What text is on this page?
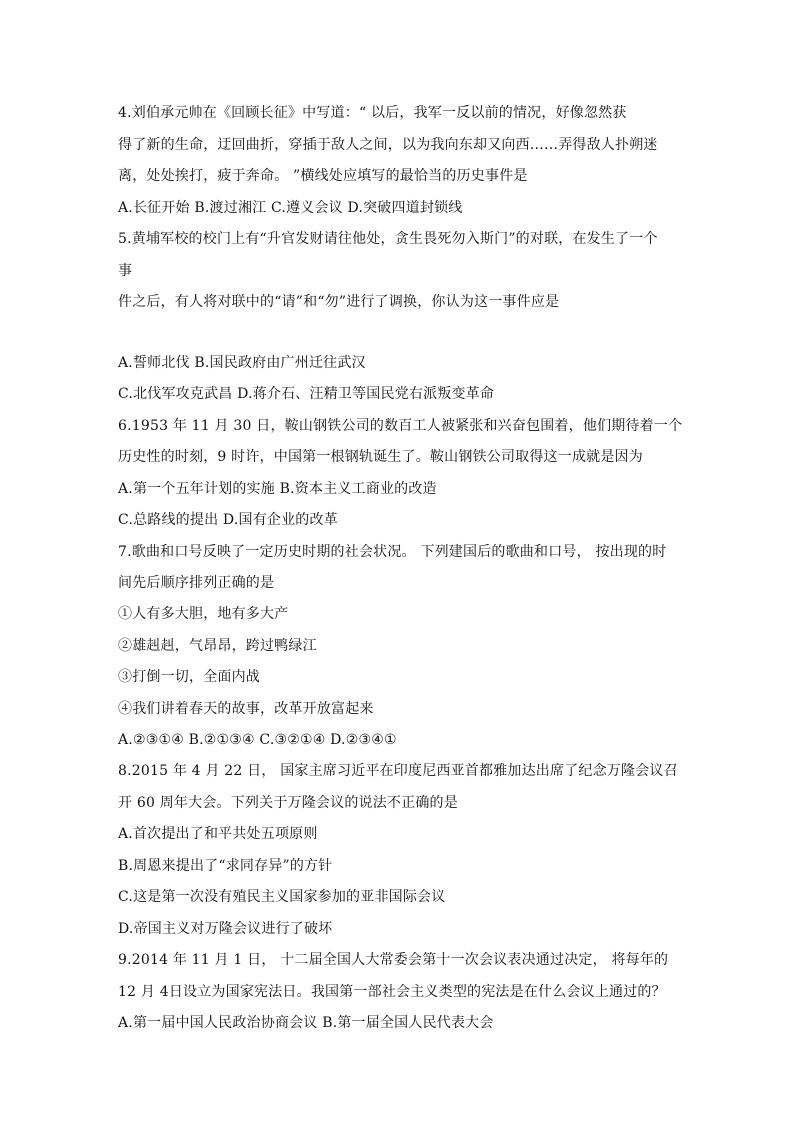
4.刘伯承元帅在《回顾长征》中写道：“ 以后，我军一反以前的情况，好像忽然获
得了新的生命，迂回曲折，穿插于敌人之间，以为我向东却又向西……弄得敌人扑朔迷
离，处处挨打，疲于奔命。 ”横线处应填写的最恰当的历史事件是
A.长征开始 B.渡过湘江 C.遵义会议 D.突破四道封锁线
5.黄埔军校的校门上有“升官发财请往他处，贪生畏死勿入斯门”的对联，在发生了一个
事
件之后，有人将对联中的“请”和“勿”进行了调换，你认为这一事件应是
A.誓师北伐 B.国民政府由广州迁往武汉
C.北伐军攻克武昌 D.蒋介石、汪精卫等国民党右派叛变革命
6.1953 年 11 月 30 日，鞍山钢铁公司的数百工人被紧张和兴奋包围着，他们期待着一个
历史性的时刻，9 时许，中国第一根钢轨诞生了。鞍山钢铁公司取得这一成就是因为
A.第一个五年计划的实施 B.资本主义工商业的改造
C.总路线的提出 D.国有企业的改革
7.歌曲和口号反映了一定历史时期的社会状况。 下列建国后的歌曲和口号， 按出现的时
间先后顺序排列正确的是
①人有多大胆，地有多大产
②雄赳赳，气昂昂，跨过鸭绿江
③打倒一切，全面内战
④我们讲着春天的故事，改革开放富起来
A.②③①④ B.②①③④ C.③②①④ D.②③④①
8.2015 年 4 月 22 日， 国家主席习近平在印度尼西亚首都雅加达出席了纪念万隆会议召
开 60 周年大会。下列关于万隆会议的说法不正确的是
A.首次提出了和平共处五项原则
B.周恩来提出了“求同存异”的方针
C.这是第一次没有殖民主义国家参加的亚非国际会议
D.帝国主义对万隆会议进行了破坏
9.2014 年 11 月 1 日， 十二届全国人大常委会第十一次会议表决通过决定， 将每年的
12 月 4日设立为国家宪法日。我国第一部社会主义类型的宪法是在什么会议上通过的？
A.第一届中国人民政治协商会议 B.第一届全国人民代表大会
